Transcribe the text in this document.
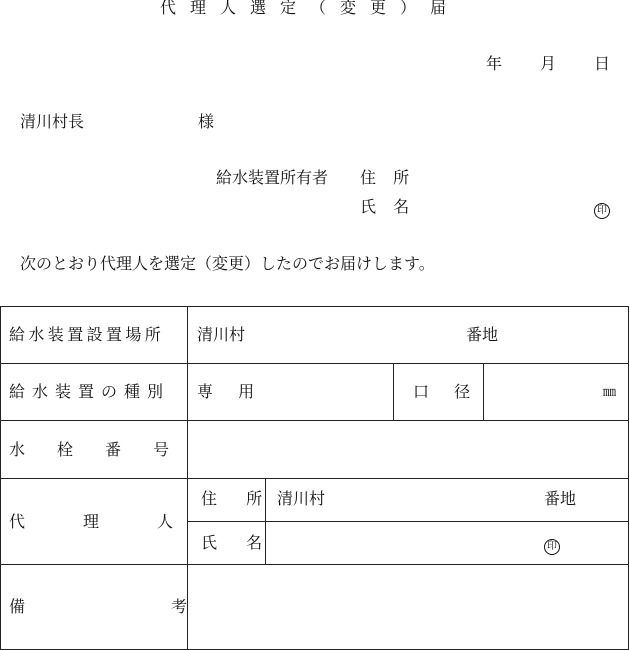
代理人選定（変更）届
年 月 日
清川村長	様
給水装置所有者 住 所
氏 名	印
次のとおり代理人を選定（変更）したのでお届けします。
給水装置設置場所 清川村	番地
給水装置の種別 専 用	口 径	㎜
水栓番号
代理人
住 所 清川村	番地
氏 名	印
備考
